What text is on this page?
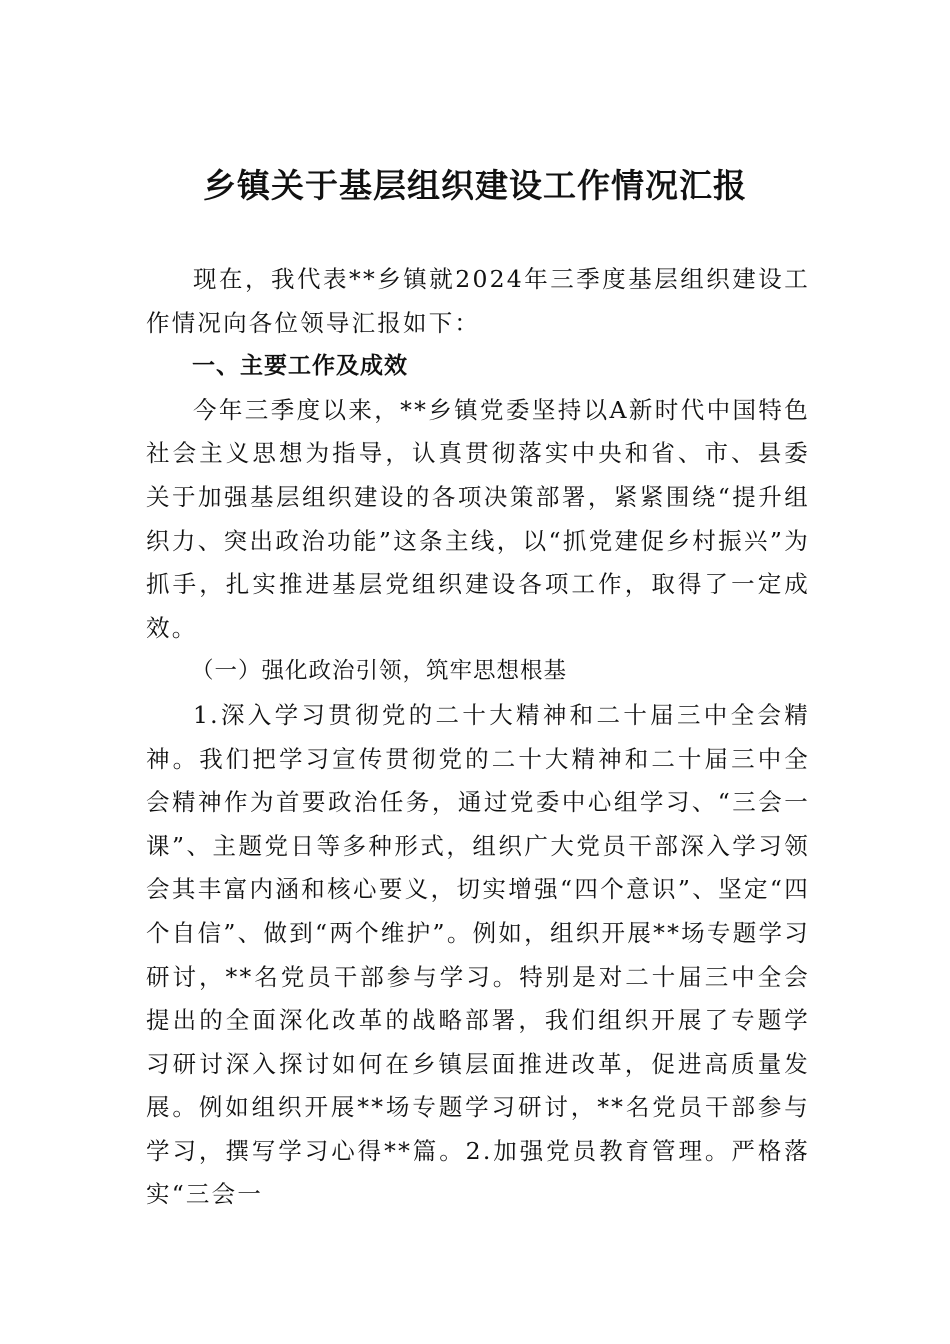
乡镇关于基层组织建设工作情况汇报

现在，我代表**乡镇就2024年三季度基层组织建设工作情况向各位领导汇报如下：

一、主要工作及成效

今年三季度以来，**乡镇党委坚持以A新时代中国特色社会主义思想为指导，认真贯彻落实中央和省、市、县委关于加强基层组织建设的各项决策部署，紧紧围绕“提升组织力、突出政治功能”这条主线，以“抓党建促乡村振兴”为抓手，扎实推进基层党组织建设各项工作，取得了一定成效。

（一）强化政治引领，筑牢思想根基

1.深入学习贯彻党的二十大精神和二十届三中全会精神。我们把学习宣传贯彻党的二十大精神和二十届三中全会精神作为首要政治任务，通过党委中心组学习、“三会一课”、主题党日等多种形式，组织广大党员干部深入学习领会其丰富内涵和核心要义，切实增强“四个意识”、坚定“四个自信”、做到“两个维护”。例如，组织开展**场专题学习研讨，**名党员干部参与学习。特别是对二十届三中全会提出的全面深化改革的战略部署，我们组织开展了专题学习研讨深入探讨如何在乡镇层面推进改革，促进高质量发展。例如组织开展**场专题学习研讨，**名党员干部参与学习，撰写学习心得**篇。2.加强党员教育管理。严格落实“三会一
